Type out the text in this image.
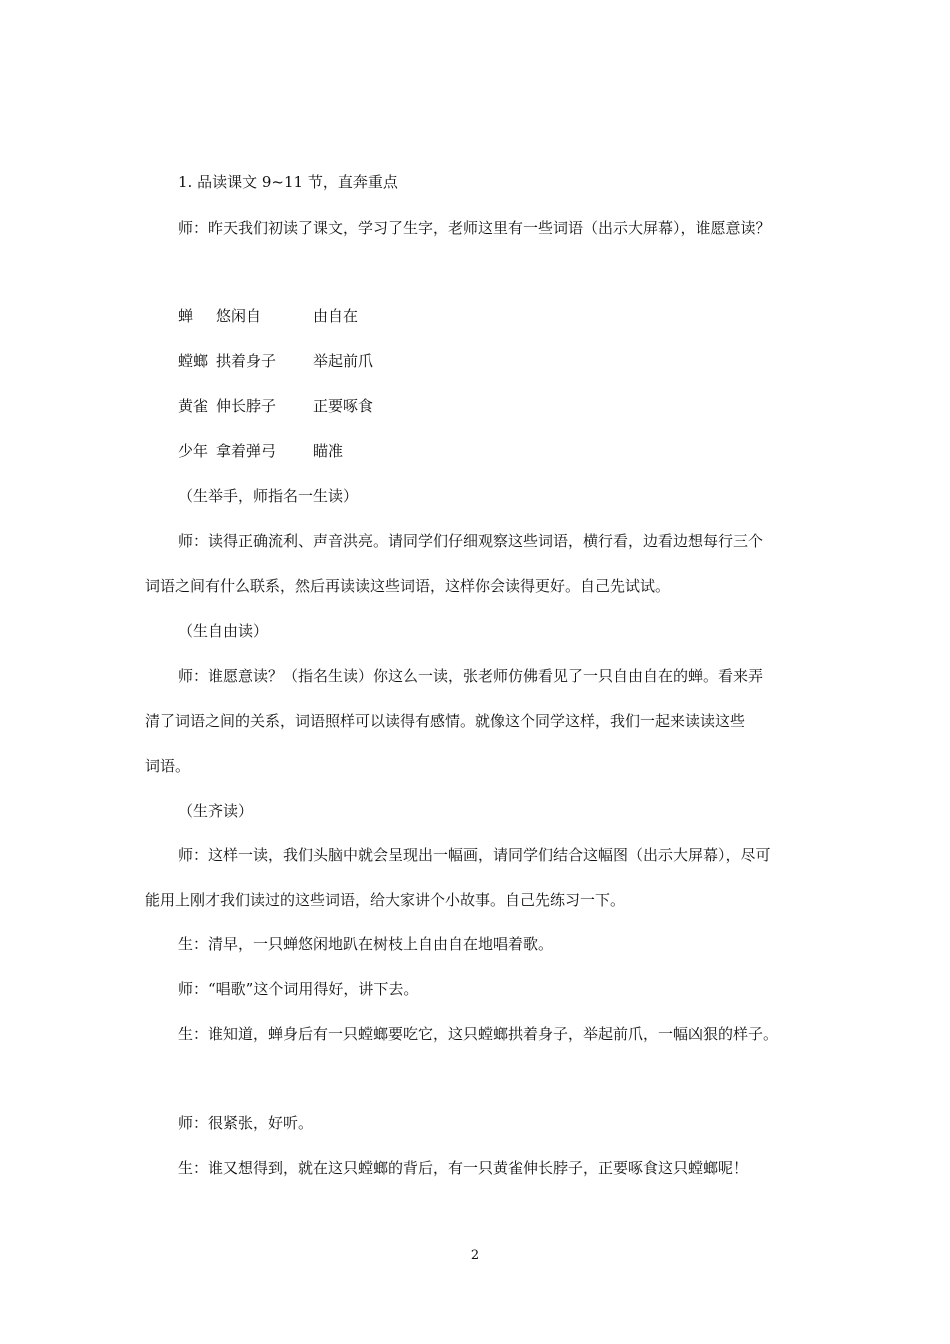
1. 品读课文 9~11 节，直奔重点
师：昨天我们初读了课文，学习了生字，老师这里有一些词语（出示大屏幕），谁愿意读？
蝉 悠闲自	由自在
螳螂 拱着身子 举起前爪
黄雀 伸长脖子 正要啄食
少年 拿着弹弓 瞄准
（生举手，师指名一生读）
师：读得正确流利、声音洪亮。请同学们仔细观察这些词语，横行看，边看边想每行三个
词语之间有什么联系，然后再读读这些词语，这样你会读得更好。自己先试试。
（生自由读）
师：谁愿意读？（指名生读）你这么一读，张老师仿佛看见了一只自由自在的蝉。看来弄
清了词语之间的关系，词语照样可以读得有感情。就像这个同学这样，我们一起来读读这些
词语。
（生齐读）
师：这样一读，我们头脑中就会呈现出一幅画，请同学们结合这幅图（出示大屏幕），尽可
能用上刚才我们读过的这些词语，给大家讲个小故事。自己先练习一下。
生：清早，一只蝉悠闲地趴在树枝上自由自在地唱着歌。
师：“唱歌”这个词用得好，讲下去。
生：谁知道，蝉身后有一只螳螂要吃它，这只螳螂拱着身子，举起前爪，一幅凶狠的样子。
师：很紧张，好听。
生：谁又想得到，就在这只螳螂的背后，有一只黄雀伸长脖子，正要啄食这只螳螂呢！
2
